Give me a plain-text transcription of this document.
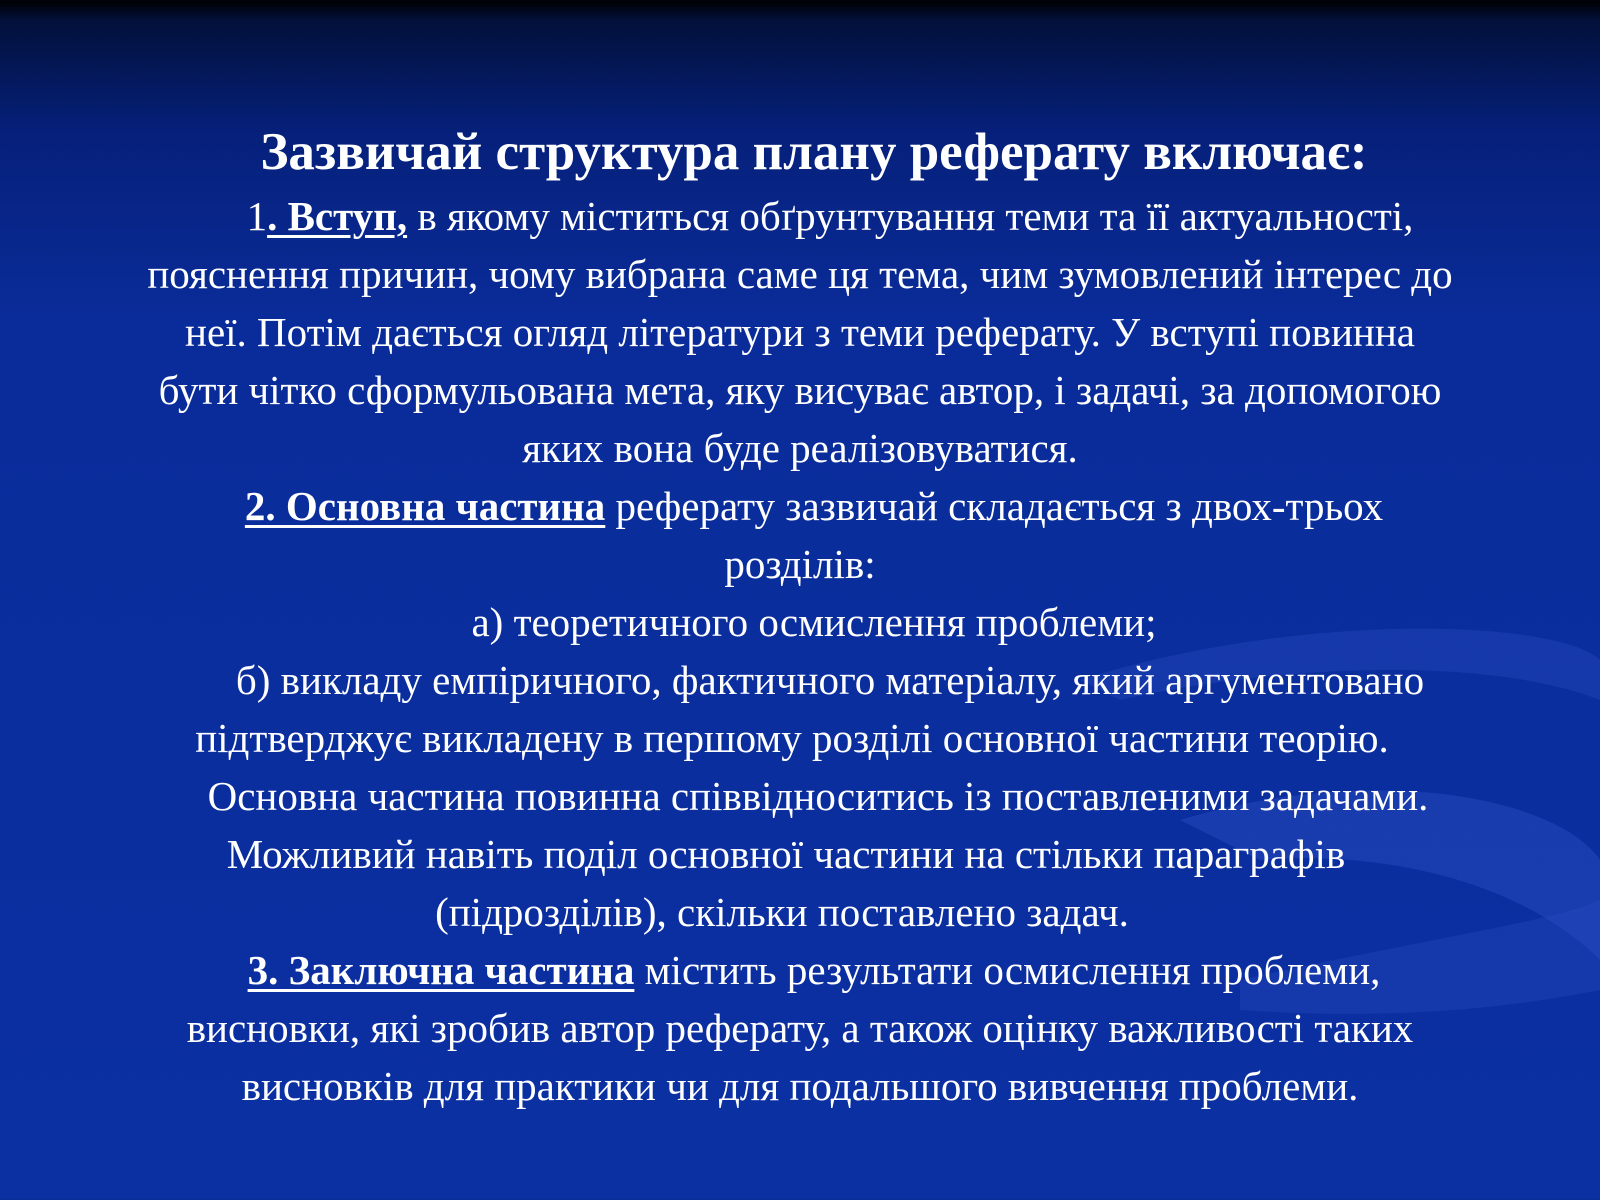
Зазвичай структура плану реферату включає:
1. Вступ, в якому міститься обґрунтування теми та її актуальності,
пояснення причин, чому вибрана саме ця тема, чим зумовлений інтерес до
неї. Потім дається огляд літератури з теми реферату. У вступі повинна
бути чітко сформульована мета, яку висуває автор, і задачі, за допомогою
яких вона буде реалізовуватися.
2. Основна частина реферату зазвичай складається з двох-трьох
розділів:
а) теоретичного осмислення проблеми;
б) викладу емпіричного, фактичного матеріалу, який аргументовано
підтверджує викладену в першому розділі основної частини теорію.
Основна частина повинна співвідноситись із поставленими задачами.
Можливий навіть поділ основної частини на стільки параграфів
(підрозділів), скільки поставлено задач.
3. Заключна частина містить результати осмислення проблеми,
висновки, які зробив автор реферату, а також оцінку важливості таких
висновків для практики чи для подальшого вивчення проблеми.
